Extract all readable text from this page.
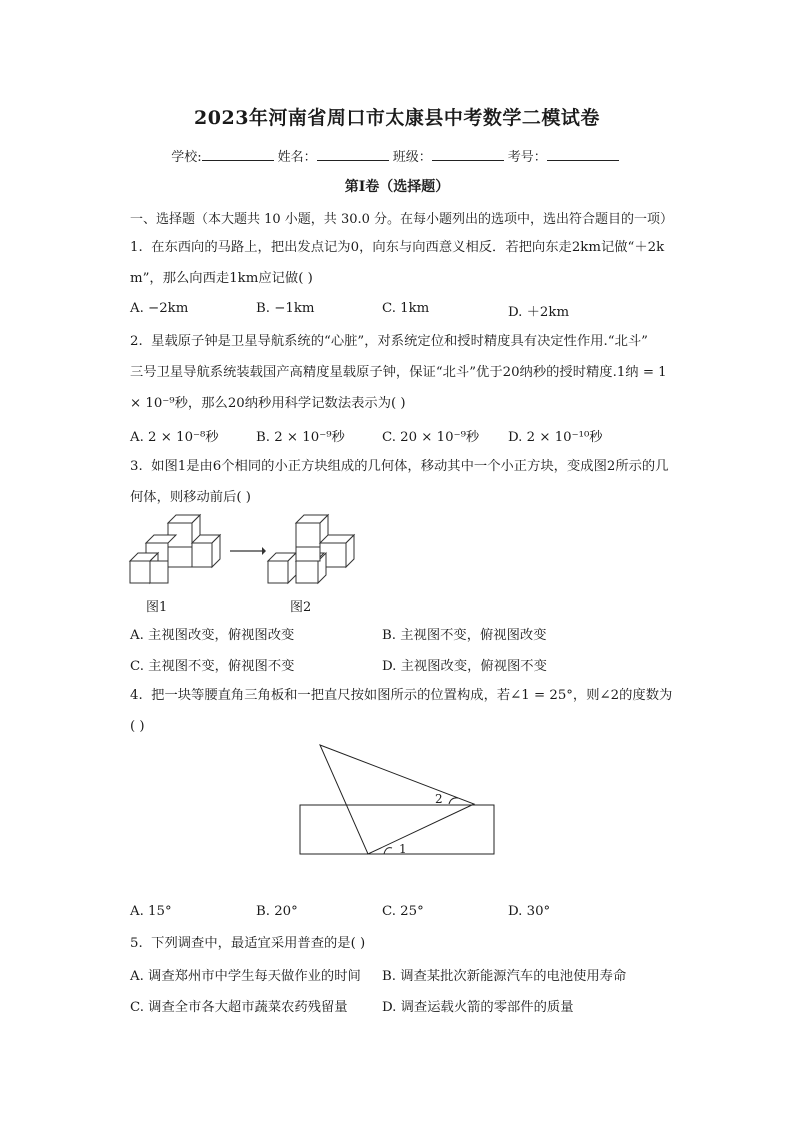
2023年河南省周口市太康县中考数学二模试卷
学校:	姓名：	班级：	考号：
第Ⅰ卷（选择题）
一、选择题（本大题共 10 小题，共 30.0 分。在每小题列出的选项中，选出符合题目的一项）
1. 在东西向的马路上，把出发点记为0，向东与向西意义相反．若把向东走2km记做“＋2k
m”，那么向西走1km应记做( )
A. −2km	B. −1km	C. 1km	D. ＋2km
2. 星载原子钟是卫星导航系统的“心脏”，对系统定位和授时精度具有决定性作用.“北斗”
三号卫星导航系统装载国产高精度星载原子钟，保证“北斗”优于20纳秒的授时精度.1纳 = 1
× 10⁻⁹秒，那么20纳秒用科学记数法表示为( )
A. 2 × 10⁻⁸秒	B. 2 × 10⁻⁹秒	C. 20 × 10⁻⁹秒 D. 2 × 10⁻¹⁰秒
3. 如图1是由6个相同的小正方块组成的几何体，移动其中一个小正方块，变成图2所示的几
何体，则移动前后( )
图1	图2
A. 主视图改变，俯视图改变	B. 主视图不变，俯视图改变
C. 主视图不变，俯视图不变	D. 主视图改变，俯视图不变
4. 把一块等腰直角三角板和一把直尺按如图所示的位置构成，若∠1 = 25°，则∠2的度数为
( )
2
1
A. 15°	B. 20°	C. 25°	D. 30°
5. 下列调查中，最适宜采用普查的是( )
A. 调查郑州市中学生每天做作业的时间 B. 调查某批次新能源汽车的电池使用寿命
C. 调查全市各大超市蔬菜农药残留量	D. 调查运载火箭的零部件的质量
